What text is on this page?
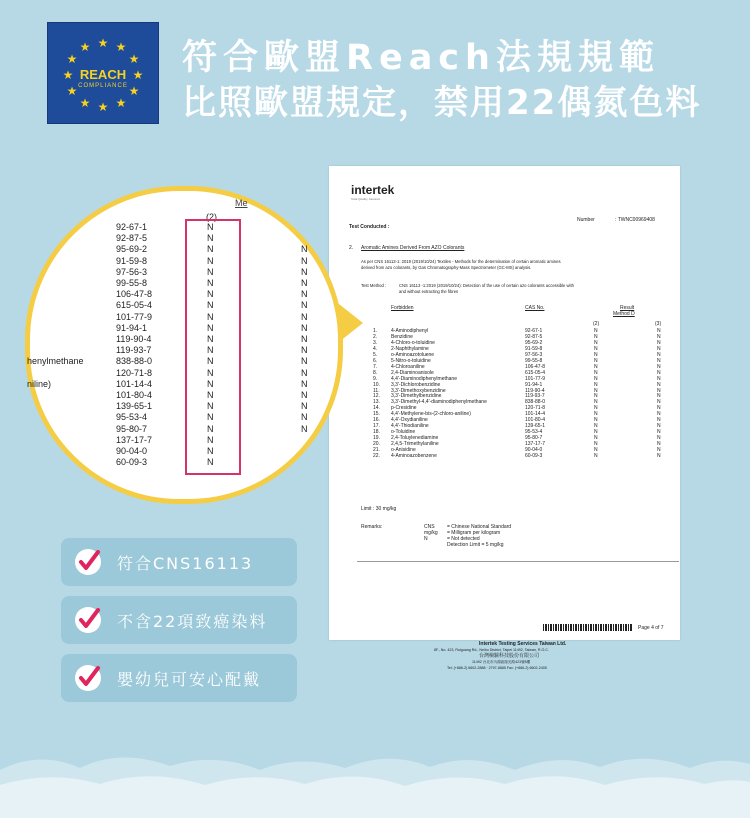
★ ★
★
★
★
★
★
★
★
★
★
★
REACH
COMPLIANCE
符合歐盟Reach法規規範
比照歐盟規定，禁用22偶氮色料
intertek
Total Quality. Assured.
Test Conducted :
Number	: TWNC00969408
2. Aromatic Amines Derived From AZO Colorants
As per CNS 16113-1: 2019 (2019/10/24) Textiles - Methods for the determination of certain aromatic amines
derived from azo colorants, by Gas Chromatography-Mass Spectrometer (GC-MS) analysis.
Test Method :	CNS 16113 -1:2019 (2019/10/24): Detection of the use of certain azo colorants accessible with
and without extracting the fibres
Forbidden	CAS No.	Result
Method D
(2)	(3)
1.	4-Aminodiphenyl	92-67-1	N	N
2.	Benzidine	92-87-5	N	N
3.	4-Chloro-o-toluidine	95-69-2	N	N
4.	2-Naphthylamine	91-59-8	N	N
5.	o-Aminoazotoluene	97-56-3	N	N
6.	5-Nitro-o-toluidine	99-55-8	N	N
7.	4-Chloroaniline	106-47-8	N	N
8.	2,4-Diaminoanisole	615-05-4	N	N
9.	4,4'-Diaminodiphenylmethane	101-77-9	N	N
10. 3,3'-Dichlorobenzidine	91-94-1	N	N
11. 3,3'-Dimethoxybenzidine	119-90-4	N	N
12. 3,3'-Dimethylbenzidine	119-93-7	N	N
13. 3,3'-Dimethyl-4,4'-diaminodiphenylmethane	838-88-0	N	N
14. p-Cresidine	120-71-8	N	N
15. 4,4'-Methylene-bis-(2-chloro-aniline)	101-14-4	N	N
16. 4,4'-Oxydianiline	101-80-4	N	N
17. 4,4'-Thiodianiline	139-65-1	N	N
18. o-Toluidine	95-53-4	N	N
19. 2,4-Toluylenediamine	95-80-7	N	N
20. 2,4,5-Trimethylaniline	137-17-7	N	N
21. o-Anisidine	90-04-0	N	N
22. 4-Aminoazobenzene	60-09-3	N	N
Limit : 30 mg/kg
Remarks:	CNS = Chinese National Standard
mg/kg = Milligram per kilogram
N	= Not detected
Detection Limit = 5 mg/kg
Page 4 of 7
Intertek Testing Services Taiwan Ltd.
8F., No. 423, Ruiguang Rd., Neihu District, Taipei 11492, Taiwan, R.O.C.
台灣檢驗科技股份有限公司
11492 台北市內湖區瑞光路423號8樓
Tel: (+886-2) 6602-2888 · 2797-8885 Fax: (+886-2) 6602-2405
Me
(2)
92-67-1	N
92-87-5	N
95-69-2	N	N
91-59-8	N	N
97-56-3	N	N
99-55-8	N	N
106-47-8	N	N
615-05-4	N	N
101-77-9	N	N
91-94-1	N	N
119-90-4	N	N
119-93-7	N	N
henylmethane	838-88-0	N	N
120-71-8	N	N
niline)	101-14-4	N	N
101-80-4	N	N
139-65-1	N	N
95-53-4	N	N
95-80-7	N	N
137-17-7	N
90-04-0	N
60-09-3	N
符合CNS16113
不含22項致癌染料
嬰幼兒可安心配戴
